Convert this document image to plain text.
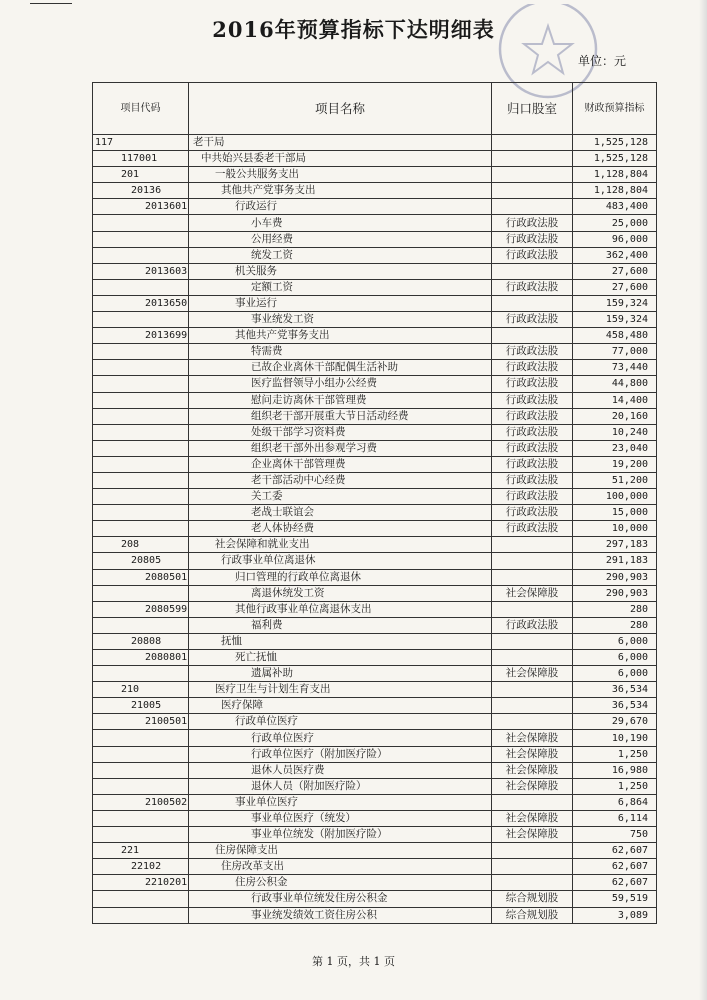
2016年预算指标下达明细表
单位：元
项目代码	项目名称	归口股室	财政预算指标
117	老干局		1,525,128
117001	中共始兴县委老干部局		1,525,128
201	一般公共服务支出		1,128,804
20136	其他共产党事务支出		1,128,804
2013601	行政运行		483,400
	小车费	行政政法股	25,000
	公用经费	行政政法股	96,000
	统发工资	行政政法股	362,400
2013603	机关服务		27,600
	定额工资	行政政法股	27,600
2013650	事业运行		159,324
	事业统发工资	行政政法股	159,324
2013699	其他共产党事务支出		458,480
	特需费	行政政法股	77,000
	已故企业离休干部配偶生活补助	行政政法股	73,440
	医疗监督领导小组办公经费	行政政法股	44,800
	慰问走访离休干部管理费	行政政法股	14,400
	组织老干部开展重大节日活动经费	行政政法股	20,160
	处级干部学习资料费	行政政法股	10,240
	组织老干部外出参观学习费	行政政法股	23,040
	企业离休干部管理费	行政政法股	19,200
	老干部活动中心经费	行政政法股	51,200
	关工委	行政政法股	100,000
	老战士联谊会	行政政法股	15,000
	老人体协经费	行政政法股	10,000
208	社会保障和就业支出		297,183
20805	行政事业单位离退休		291,183
2080501	归口管理的行政单位离退休		290,903
	离退休统发工资	社会保障股	290,903
2080599	其他行政事业单位离退休支出		280
	福利费	行政政法股	280
20808	抚恤		6,000
2080801	死亡抚恤		6,000
	遗属补助	社会保障股	6,000
210	医疗卫生与计划生育支出		36,534
21005	医疗保障		36,534
2100501	行政单位医疗		29,670
	行政单位医疗	社会保障股	10,190
	行政单位医疗（附加医疗险）	社会保障股	1,250
	退休人员医疗费	社会保障股	16,980
	退休人员（附加医疗险）	社会保障股	1,250
2100502	事业单位医疗		6,864
	事业单位医疗（统发）	社会保障股	6,114
	事业单位统发（附加医疗险）	社会保障股	750
221	住房保障支出		62,607
22102	住房改革支出		62,607
2210201	住房公积金		62,607
	行政事业单位统发住房公积金	综合规划股	59,519
	事业统发绩效工资住房公积	综合规划股	3,089
第 1 页，共 1 页
